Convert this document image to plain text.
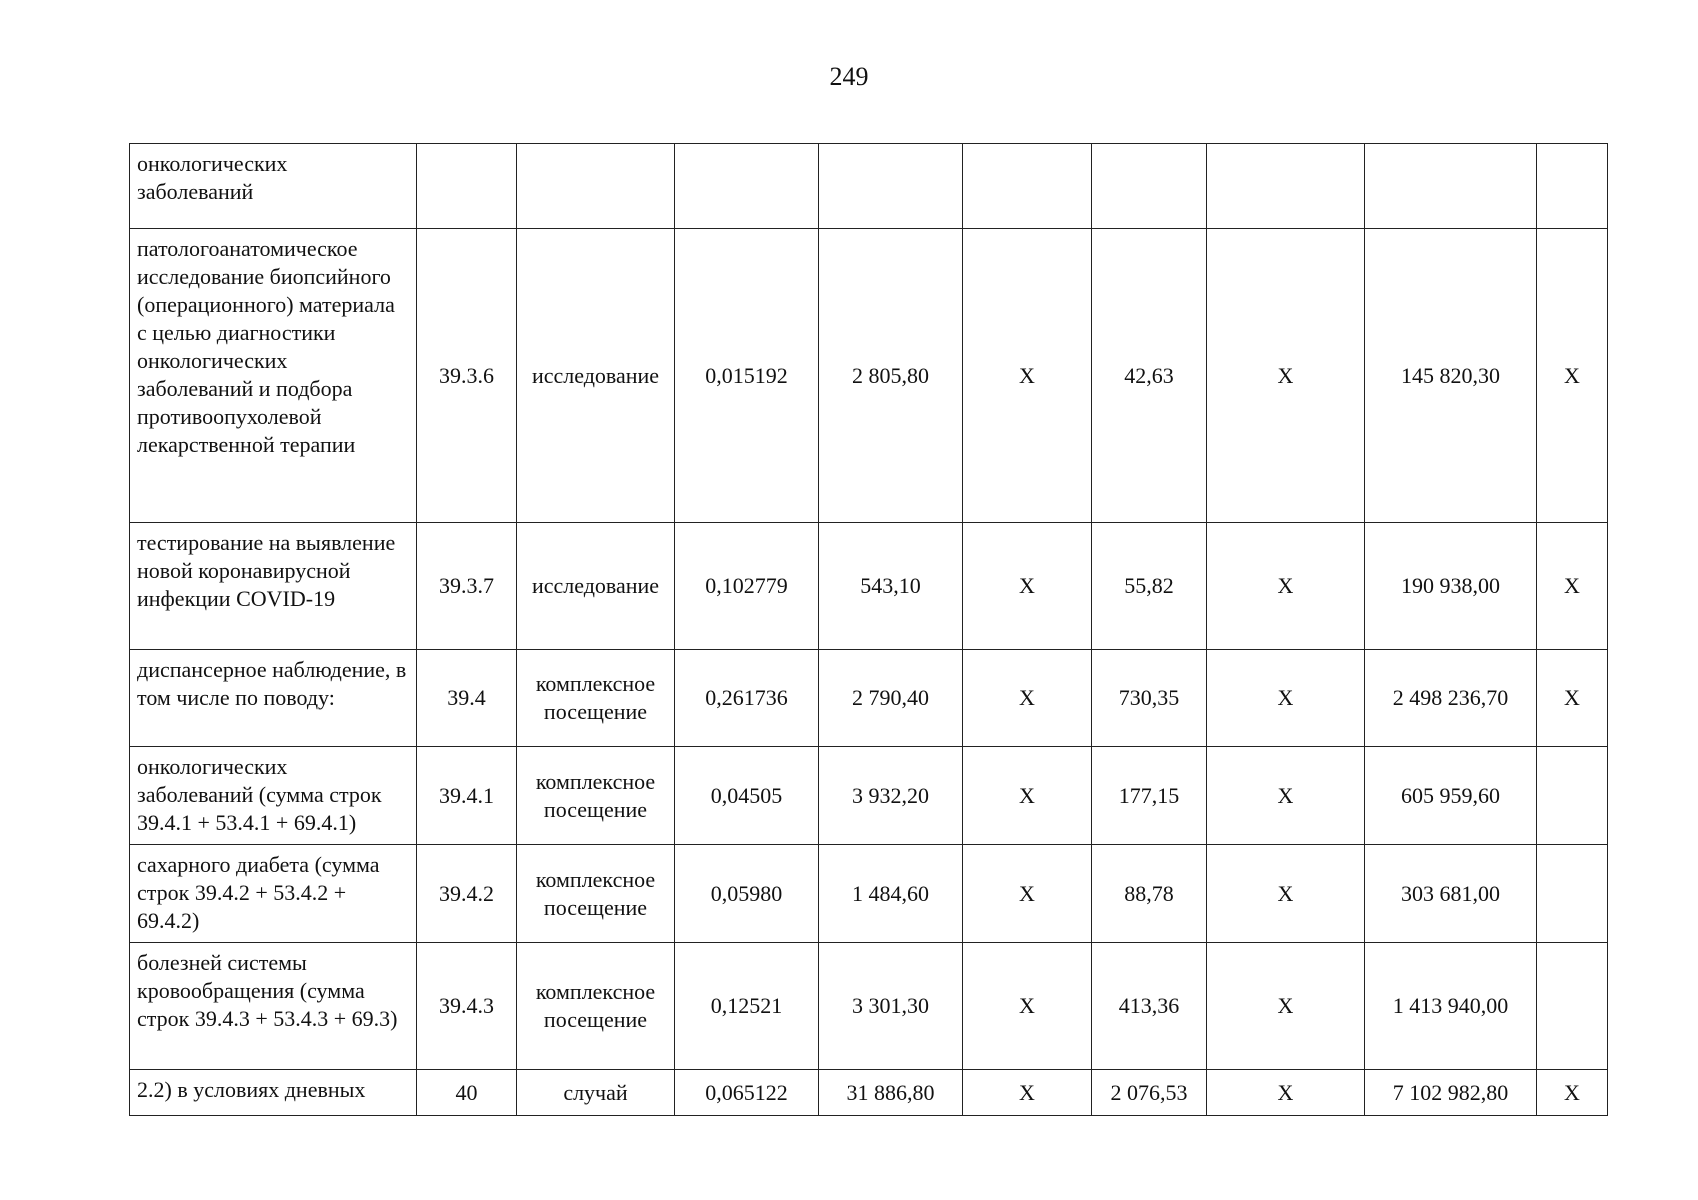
249
онкологических заболеваний									
патологоанатомическое исследование биопсийного (операционного) материала с целью диагностики онкологических заболеваний и подбора противоопухолевой лекарственной терапии	39.3.6	исследование	0,015192	2 805,80	X	42,63	X	145 820,30	X
тестирование на выявление новой коронавирусной инфекции COVID-19	39.3.7	исследование	0,102779	543,10	X	55,82	X	190 938,00	X
диспансерное наблюдение, в том числе по поводу:	39.4	комплексное посещение	0,261736	2 790,40	X	730,35	X	2 498 236,70	X
онкологических заболеваний (сумма строк 39.4.1 + 53.4.1 + 69.4.1)	39.4.1	комплексное посещение	0,04505	3 932,20	X	177,15	X	605 959,60	
сахарного диабета (сумма строк 39.4.2 + 53.4.2 + 69.4.2)	39.4.2	комплексное посещение	0,05980	1 484,60	X	88,78	X	303 681,00	
болезней системы кровообращения (сумма строк 39.4.3 + 53.4.3 + 69.3)	39.4.3	комплексное посещение	0,12521	3 301,30	X	413,36	X	1 413 940,00	
2.2) в условиях дневных	40	случай	0,065122	31 886,80	X	2 076,53	X	7 102 982,80	X
